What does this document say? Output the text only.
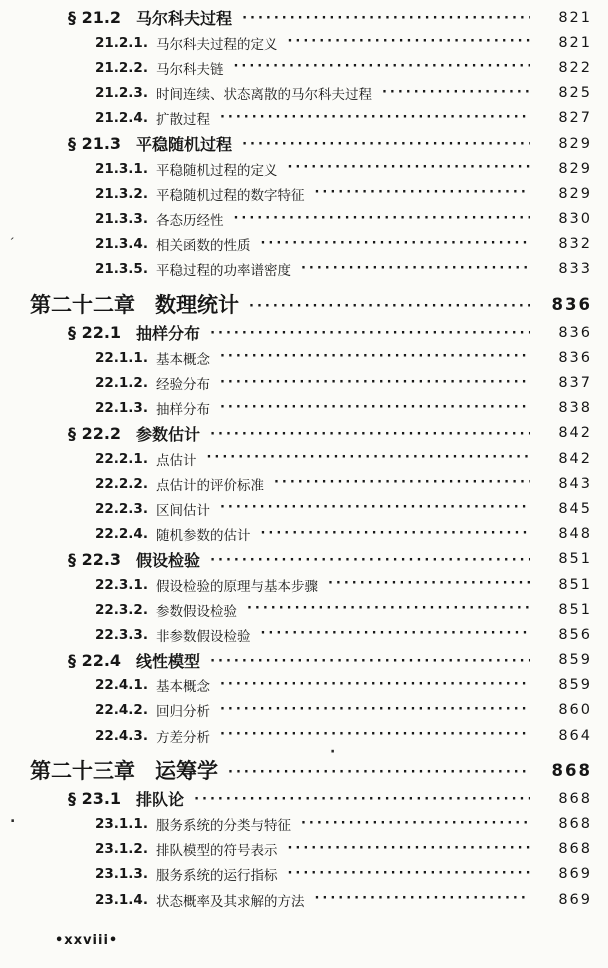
§ 21.2 马尔科夫过程 ·····	821
21.2.1. 马尔科夫过程的定义 ·····	821
21.2.2. 马尔科夫链 ·····	822
21.2.3. 时间连续、状态离散的马尔科夫过程 ·····	825
21.2.4. 扩散过程 ·····	827
§ 21.3 平稳随机过程 ·····	829
21.3.1. 平稳随机过程的定义 ·····	829
21.3.2. 平稳随机过程的数字特征 ·····	829
21.3.3. 各态历经性 ·····	830
21.3.4. 相关函数的性质 ·····	832
21.3.5. 平稳过程的功率谱密度 ·····	833
第二十二章 数理统计 ·····	836
§ 22.1 抽样分布 ·····	836
22.1.1. 基本概念 ·····	836
22.1.2. 经验分布 ·····	837
22.1.3. 抽样分布 ·····	838
§ 22.2 参数估计 ·····	842
22.2.1. 点估计 ·····	842
22.2.2. 点估计的评价标准 ·····	843
22.2.3. 区间估计 ·····	845
22.2.4. 随机参数的估计 ·····	848
§ 22.3 假设检验 ·····	851
22.3.1. 假设检验的原理与基本步骤 ·····	851
22.3.2. 参数假设检验 ·····	851
22.3.3. 非参数假设检验 ·····	856
§ 22.4 线性模型 ·····	859
22.4.1. 基本概念 ·····	859
22.4.2. 回归分析 ·····	860
22.4.3. 方差分析 ·····	864
第二十三章 运筹学 ·····	868
§ 23.1 排队论 ·····	868
23.1.1. 服务系统的分类与特征 ·····	868
23.1.2. 排队模型的符号表示 ·····	868
23.1.3. 服务系统的运行指标 ·····	869
23.1.4. 状态概率及其求解的方法 ·····	869
•xxviii•
ˊ
·
.
